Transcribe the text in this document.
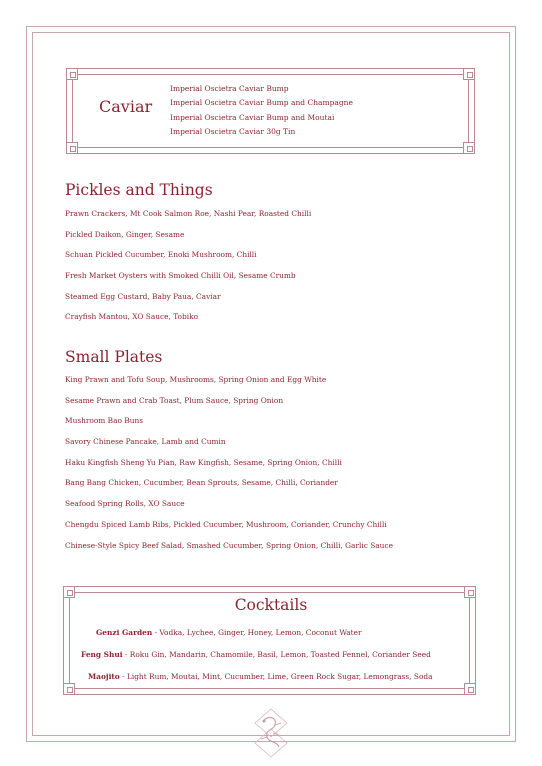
Caviar
Imperial Oscietra Caviar Bump
Imperial Oscietra Caviar Bump and Champagne
Imperial Oscietra Caviar Bump and Moutai
Imperial Oscietra Caviar 30g Tin
Pickles and Things
Prawn Crackers, Mt Cook Salmon Roe, Nashi Pear, Roasted Chilli
Pickled Daikon, Ginger, Sesame
Schuan Pickled Cucumber, Enoki Mushroom, Chilli
Fresh Market Oysters with Smoked Chilli Oil, Sesame Crumb
Steamed Egg Custard, Baby Paua, Caviar
Crayfish Mantou, XO Sauce, Tobiko
Small Plates
King Prawn and Tofu Soup, Mushrooms, Spring Onion and Egg White
Sesame Prawn and Crab Toast, Plum Sauce, Spring Onion
Mushroom Bao Buns
Savory Chinese Pancake, Lamb and Cumin
Haku Kingfish Sheng Yu Pian, Raw Kingfish, Sesame, Spring Onion, Chilli
Bang Bang Chicken, Cucumber, Bean Sprouts, Sesame, Chilli, Coriander
Seafood Spring Rolls, XO Sauce
Chengdu Spiced Lamb Ribs, Pickled Cucumber, Mushroom, Coriander, Crunchy Chilli
Chinese-Style Spicy Beef Salad, Smashed Cucumber, Spring Onion, Chilli, Garlic Sauce
Cocktails
Genzi Garden - Vodka, Lychee, Ginger, Honey, Lemon, Coconut Water
Feng Shui - Roku Gin, Mandarin, Chamomile, Basil, Lemon, Toasted Fennel, Coriander Seed
Maojito - Light Rum, Moutai, Mint, Cucumber, Lime, Green Rock Sugar, Lemongrass, Soda
